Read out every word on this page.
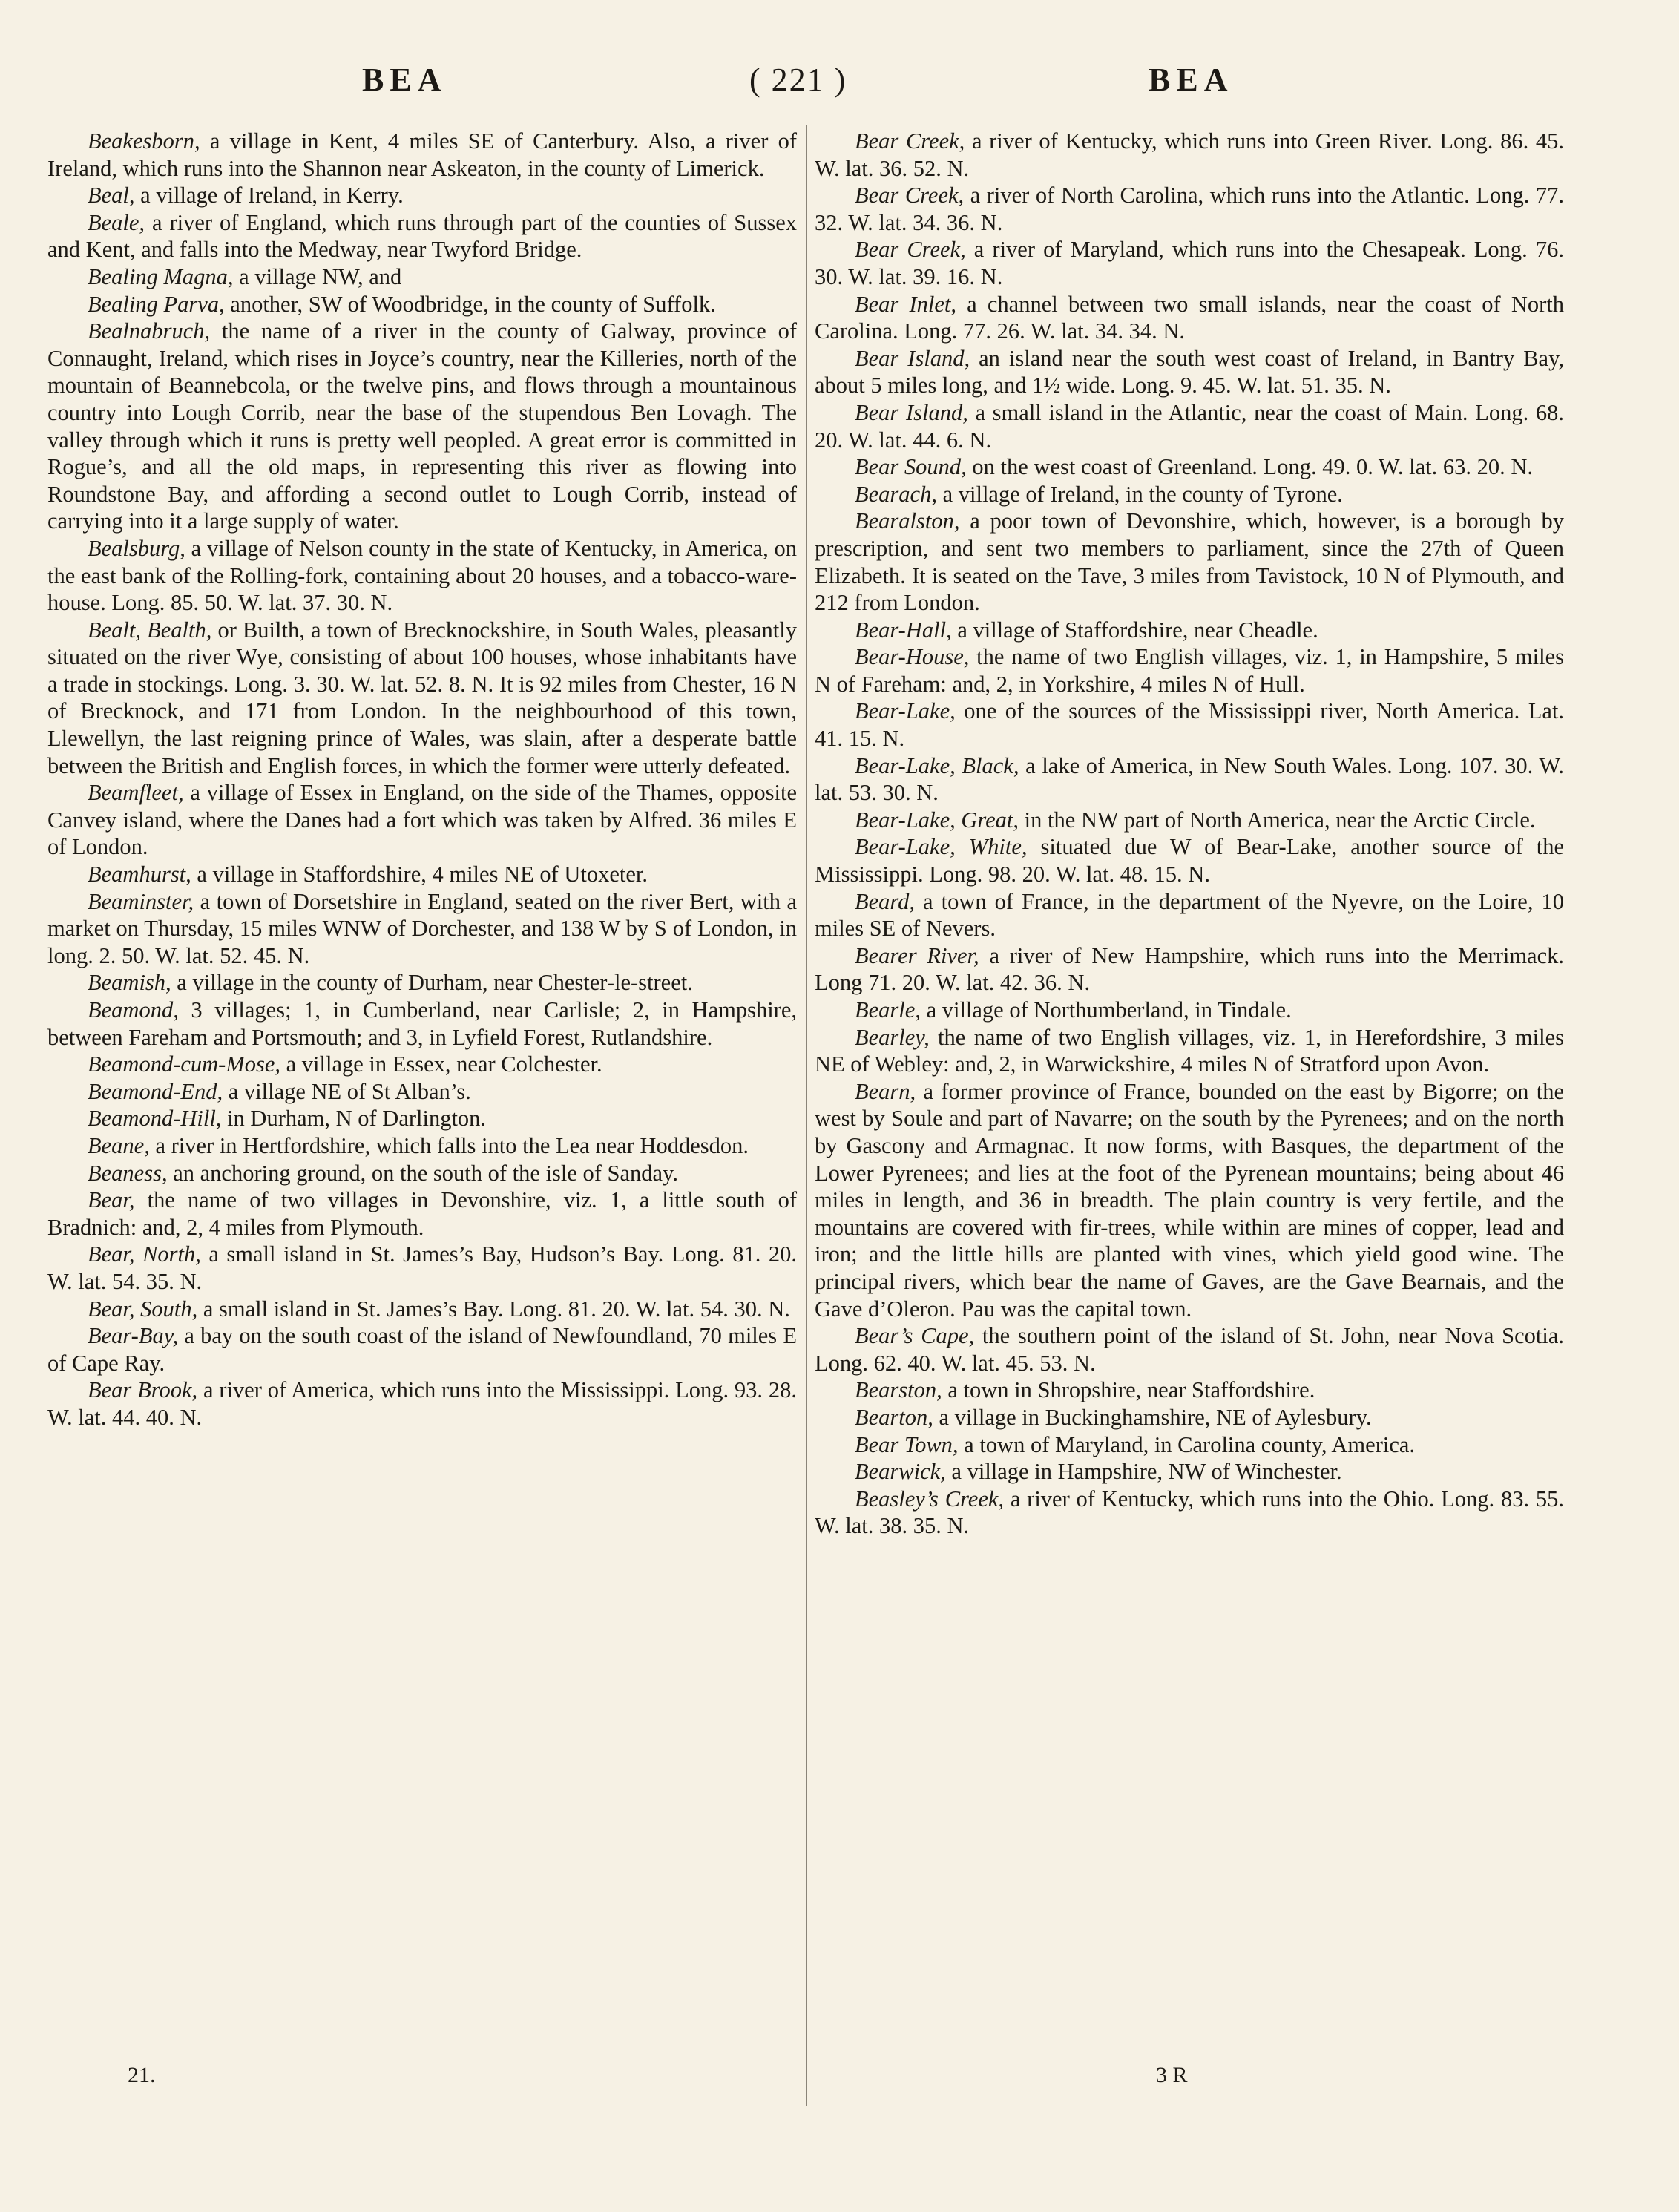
BEA	( 221 )	BEA

Beakesborn, a village in Kent, 4 miles SE of Canterbury. Also, a river of Ireland, which runs into the Shannon near Askeaton, in the county of Limerick.

Beal, a village of Ireland, in Kerry.

Beale, a river of England, which runs through part of the counties of Sussex and Kent, and falls into the Medway, near Twyford Bridge.

Bealing Magna, a village NW, and

Bealing Parva, another, SW of Woodbridge, in the county of Suffolk.

Bealnabruch, the name of a river in the county of Galway, province of Connaught, Ireland, which rises in Joyce’s country, near the Killeries, north of the mountain of Beannebcola, or the twelve pins, and flows through a mountainous country into Lough Corrib, near the base of the stupendous Ben Lovagh. The valley through which it runs is pretty well peopled. A great error is committed in Rogue’s, and all the old maps, in representing this river as flowing into Roundstone Bay, and affording a second outlet to Lough Corrib, instead of carrying into it a large supply of water.

Bealsburg, a village of Nelson county in the state of Kentucky, in America, on the east bank of the Rolling-fork, containing about 20 houses, and a tobacco-ware-house. Long. 85. 50. W. lat. 37. 30. N.

Bealt, Bealth, or Builth, a town of Brecknockshire, in South Wales, pleasantly situated on the river Wye, consisting of about 100 houses, whose inhabitants have a trade in stockings. Long. 3. 30. W. lat. 52. 8. N. It is 92 miles from Chester, 16 N of Brecknock, and 171 from London. In the neighbourhood of this town, Llewellyn, the last reigning prince of Wales, was slain, after a desperate battle between the British and English forces, in which the former were utterly defeated.

Beamfleet, a village of Essex in England, on the side of the Thames, opposite Canvey island, where the Danes had a fort which was taken by Alfred. 36 miles E of London.

Beamhurst, a village in Staffordshire, 4 miles NE of Utoxeter.

Beaminster, a town of Dorsetshire in England, seated on the river Bert, with a market on Thursday, 15 miles WNW of Dorchester, and 138 W by S of London, in long. 2. 50. W. lat. 52. 45. N.

Beamish, a village in the county of Durham, near Chester-le-street.

Beamond, 3 villages; 1, in Cumberland, near Carlisle; 2, in Hampshire, between Fareham and Portsmouth; and 3, in Lyfield Forest, Rutlandshire.

Beamond-cum-Mose, a village in Essex, near Colchester.

Beamond-End, a village NE of St Alban’s.

Beamond-Hill, in Durham, N of Darlington.

Beane, a river in Hertfordshire, which falls into the Lea near Hoddesdon.

Beaness, an anchoring ground, on the south of the isle of Sanday.

Bear, the name of two villages in Devonshire, viz. 1, a little south of Bradnich: and, 2, 4 miles from Plymouth.

Bear, North, a small island in St. James’s Bay, Hudson’s Bay. Long. 81. 20. W. lat. 54. 35. N.

Bear, South, a small island in St. James’s Bay. Long. 81. 20. W. lat. 54. 30. N.

Bear-Bay, a bay on the south coast of the island of Newfoundland, 70 miles E of Cape Ray.

Bear Brook, a river of America, which runs into the Mississippi. Long. 93. 28. W. lat. 44. 40. N.

Bear Creek, a river of Kentucky, which runs into Green River. Long. 86. 45. W. lat. 36. 52. N.

Bear Creek, a river of North Carolina, which runs into the Atlantic. Long. 77. 32. W. lat. 34. 36. N.

Bear Creek, a river of Maryland, which runs into the Chesapeak. Long. 76. 30. W. lat. 39. 16. N.

Bear Inlet, a channel between two small islands, near the coast of North Carolina. Long. 77. 26. W. lat. 34. 34. N.

Bear Island, an island near the south west coast of Ireland, in Bantry Bay, about 5 miles long, and 1½ wide. Long. 9. 45. W. lat. 51. 35. N.

Bear Island, a small island in the Atlantic, near the coast of Main. Long. 68. 20. W. lat. 44. 6. N.

Bear Sound, on the west coast of Greenland. Long. 49. 0. W. lat. 63. 20. N.

Bearach, a village of Ireland, in the county of Tyrone.

Bearalston, a poor town of Devonshire, which, however, is a borough by prescription, and sent two members to parliament, since the 27th of Queen Elizabeth. It is seated on the Tave, 3 miles from Tavistock, 10 N of Plymouth, and 212 from London.

Bear-Hall, a village of Staffordshire, near Cheadle.

Bear-House, the name of two English villages, viz. 1, in Hampshire, 5 miles N of Fareham: and, 2, in Yorkshire, 4 miles N of Hull.

Bear-Lake, one of the sources of the Mississippi river, North America. Lat. 41. 15. N.

Bear-Lake, Black, a lake of America, in New South Wales. Long. 107. 30. W. lat. 53. 30. N.

Bear-Lake, Great, in the NW part of North America, near the Arctic Circle.

Bear-Lake, White, situated due W of Bear-Lake, another source of the Mississippi. Long. 98. 20. W. lat. 48. 15. N.

Beard, a town of France, in the department of the Nyevre, on the Loire, 10 miles SE of Nevers.

Bearer River, a river of New Hampshire, which runs into the Merrimack. Long 71. 20. W. lat. 42. 36. N.

Bearle, a village of Northumberland, in Tindale.

Bearley, the name of two English villages, viz. 1, in Herefordshire, 3 miles NE of Webley: and, 2, in Warwickshire, 4 miles N of Stratford upon Avon.

Bearn, a former province of France, bounded on the east by Bigorre; on the west by Soule and part of Navarre; on the south by the Pyrenees; and on the north by Gascony and Armagnac. It now forms, with Basques, the department of the Lower Pyrenees; and lies at the foot of the Pyrenean mountains; being about 46 miles in length, and 36 in breadth. The plain country is very fertile, and the mountains are covered with fir-trees, while within are mines of copper, lead and iron; and the little hills are planted with vines, which yield good wine. The principal rivers, which bear the name of Gaves, are the Gave Bearnais, and the Gave d’Oleron. Pau was the capital town.

Bear’s Cape, the southern point of the island of St. John, near Nova Scotia. Long. 62. 40. W. lat. 45. 53. N.

Bearston, a town in Shropshire, near Staffordshire.

Bearton, a village in Buckinghamshire, NE of Aylesbury.

Bear Town, a town of Maryland, in Carolina county, America.

Bearwick, a village in Hampshire, NW of Winchester.

Beasley’s Creek, a river of Kentucky, which runs into the Ohio. Long. 83. 55. W. lat. 38. 35. N.

21.	3 R
